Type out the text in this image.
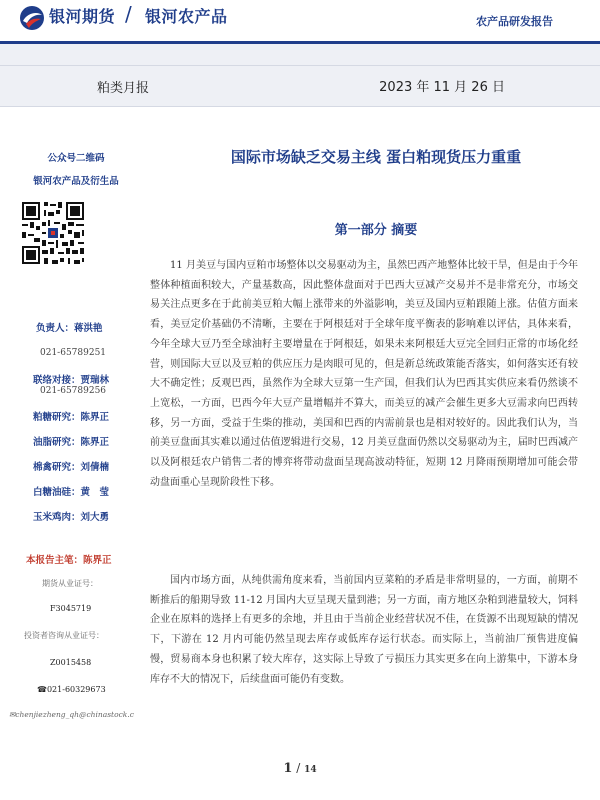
银河期货 / 银河农产品	农产品研发报告
粕类月报	2023 年 11 月 26 日
公众号二维码
银河农产品及衍生品
负责人：蒋洪艳
021-65789251
联络对接：贾瑞林
021-65789256
粕糖研究：陈界正
油脂研究：陈界正
棉禽研究：刘倩楠
白糖油硅：黄　莹
玉米鸡肉：刘大勇
本报告主笔：陈界正
期货从业证号：
F3045719
投资者咨询从业证号：
Z0015458
☎021-60329673
✉chenjiezheng_qh@chinastock.c
国际市场缺乏交易主线 蛋白粕现货压力重重
第一部分 摘要

11 月美豆与国内豆粕市场整体以交易驱动为主，虽然巴西产地整体比较干旱，但是由于今年整体种植面积较大，产量基数高，因此整体盘面对于巴西大豆减产交易并不是非常充分，市场交易关注点更多在于此前美豆粕大幅上涨带来的外溢影响，美豆及国内豆粕跟随上涨。估值方面来看，美豆定价基础仍不清晰，主要在于阿根廷对于全球年度平衡表的影响难以评估，具体来看，今年全球大豆乃至全球油籽主要增量在于阿根廷，如果未来阿根廷大豆完全回归正常的市场化经营，则国际大豆以及豆粕的供应压力是肉眼可见的，但是新总统政策能否落实，如何落实还有较大不确定性；反观巴西，虽然作为全球大豆第一生产国，但我们认为巴西其实供应来看仍然谈不上宽松，一方面，巴西今年大豆产量增幅并不算大，而美豆的减产会催生更多大豆需求向巴西转移，另一方面，受益于生柴的推动，美国和巴西的内需前景也是相对较好的。因此我们认为，当前美豆盘面其实难以通过估值逻辑进行交易，12 月美豆盘面仍然以交易驱动为主，届时巴西减产以及阿根廷农户销售二者的博弈将带动盘面呈现高波动特征，短期 12 月降雨预期增加可能会带动盘面重心呈现阶段性下移。

国内市场方面，从纯供需角度来看，当前国内豆菜粕的矛盾是非常明显的，一方面，前期不断推后的船期导致 11-12 月国内大豆呈现天量到港；另一方面，南方地区杂粕到港量较大，饲料企业在原料的选择上有更多的余地，并且由于当前企业经营状况不佳，在货源不出现短缺的情况下，下游在 12 月内可能仍然呈现去库存或低库存运行状态。而实际上，当前油厂预售进度偏慢，贸易商本身也积累了较大库存，这实际上导致了亏损压力其实更多在向上游集中，下游本身库存不大的情况下，后续盘面可能仍有变数。

1 / 14
